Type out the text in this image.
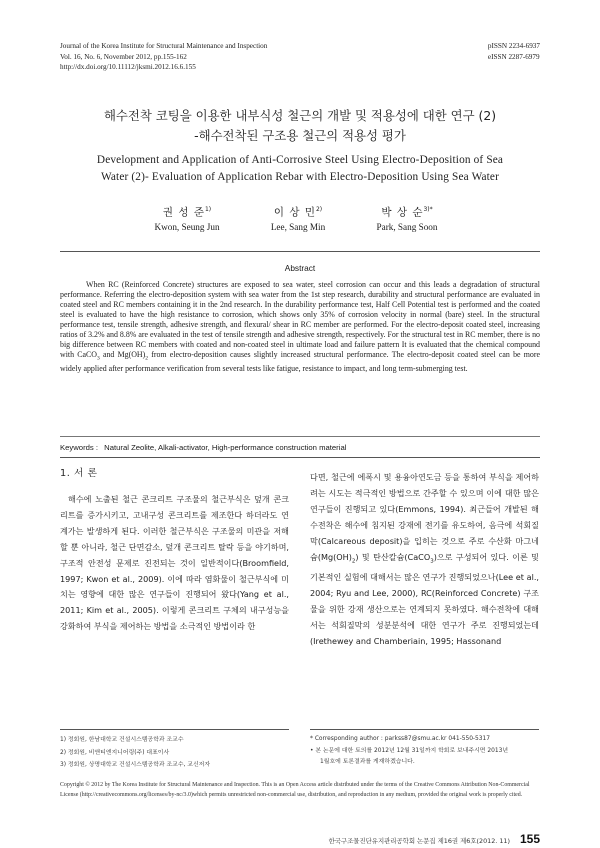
Journal of the Korea Institute for Structural Maintenance and Inspection
Vol. 16, No. 6, November 2012, pp.155-162
http://dx.doi.org/10.11112/jksmi.2012.16.6.155
pISSN 2234-6937
eISSN 2287-6979
해수전착 코팅을 이용한 내부식성 철근의 개발 및 적용성에 대한 연구 (2)
-해수전착된 구조용 철근의 적용성 평가
Development and Application of Anti-Corrosive Steel Using Electro-Deposition of Sea
Water (2)- Evaluation of Application Rebar with Electro-Deposition Using Sea Water
권 성 준$^{1)}$
Kwon, Seung Jun
이 상 민$^{2)}$
Lee, Sang Min
박 상 순$^{3)*}$
Park, Sang Soon
Abstract
When RC (Reinforced Concrete) structures are exposed to sea water, steel corrosion can occur and this leads a degradation of structural performance. Referring the electro-deposition system with sea water from the 1st step research, durability and structural performance are evaluated in coated steel and RC members containing it in the 2nd research. In the durability performance test, Half Cell Potential test is performed and the coated steel is evaluated to have the high resistance to corrosion, which shows only 35% of corrosion velocity in normal (bare) steel. In the structural performance test, tensile strength, adhesive strength, and flexural/ shear in RC member are performed. For the electro-deposit coated steel, increasing ratios of 3.2% and 8.8% are evaluated in the test of tensile strength and adhesive strength, respectively. For the structural test in RC member, there is no big difference between RC members with coated and non-coated steel in ultimate load and failure pattern It is evaluated that the chemical compound with CaCO$_3$ and $Mg(OH)_2$ from electro-deposition causes slightly increased structural performance. The electro-deposit coated steel can be more widely applied after performance verification from several tests like fatigue, resistance to impact, and long term-submerging test.
Keywords : Natural Zeolite, Alkali-activator, High-performance construction material
1. 서 론

해수에 노출된 철근 콘크리트 구조물의 철근부식은 덮개 콘크리트를 증가시키고, 고내구성 콘크리트를 제조한다 하더라도 연계가는 발생하게 된다. 이러한 철근부식은 구조물의 미관을 저해할 뿐 아니라, 철근 단면감소, 덮개 콘크리트 탈락 등을 야기하며, 구조적 안전성 문제로 진전되는 것이 일반적이다(Broomfield, 1997; Kwon et al., 2009). 이에 따라 염화물이 철근부식에 미치는 영향에 대한 많은 연구들이 진행되어 왔다(Yang et al., 2011; Kim et al., 2005). 이렇게 콘크리트 구체의 내구성능을 강화하여 부식을 제어하는 방법을 소극적인 방법이라 한

다면, 철근에 에폭시 및 용융아연도금 등을 통하여 부식을 제어하려는 시도는 적극적인 방법으로 간주할 수 있으며 이에 대한 많은 연구들이 진행되고 있다(Emmons, 1994). 최근들어 개발된 해수전착은 해수에 침지된 강재에 전기를 유도하여, 음극에 석회질막(Calcareous deposit)을 입히는 것으로 주로 수산화 마그네슘$(Mg(OH)_2)$ 및 탄산칼슘(CaCO$_3$)으로 구성되어 있다. 이론 및 기본적인 실험에 대해서는 많은 연구가 진행되었으나(Lee et al., 2004; Ryu and Lee, 2000), RC(Reinforced Concrete) 구조물을 위한 강재 생산으로는 연계되지 못하였다. 해수전착에 대해서는 석회질막의 성분분석에 대한 연구가 주로 진행되었는데 (Irethewey and Chamberiain, 1995; Hassonand

1) 정회원, 한남대학교 건설시스템공학과 조교수
2) 정회원, 비앤티엔지니어링(주) 대표이사
3) 정회원, 상명대학교 건설시스템공학과 조교수, 교신저자
* Corresponding author : parkss87@smu.ac.kr 041-550-5317
• 본 논문에 대한 토의를 2012년 12월 31일까지 학회로 보내주시면 2013년
1월호에 토론결과를 게재하겠습니다.
한국구조물진단유지관리공학회 논문집 제16권 제6호(2012. 11) 155
Copyright © 2012 by The Korea Institute for Structural Maintenance and Inspection. This is an Open Access article distributed under the terms of the Creative Commons Attribution Non-Commercial License (http://creativecommons.org/licenses/by-nc/3.0)which permits unrestricted non-commercial use, distribution, and reproduction in any medium, provided the original work is properly cited.
